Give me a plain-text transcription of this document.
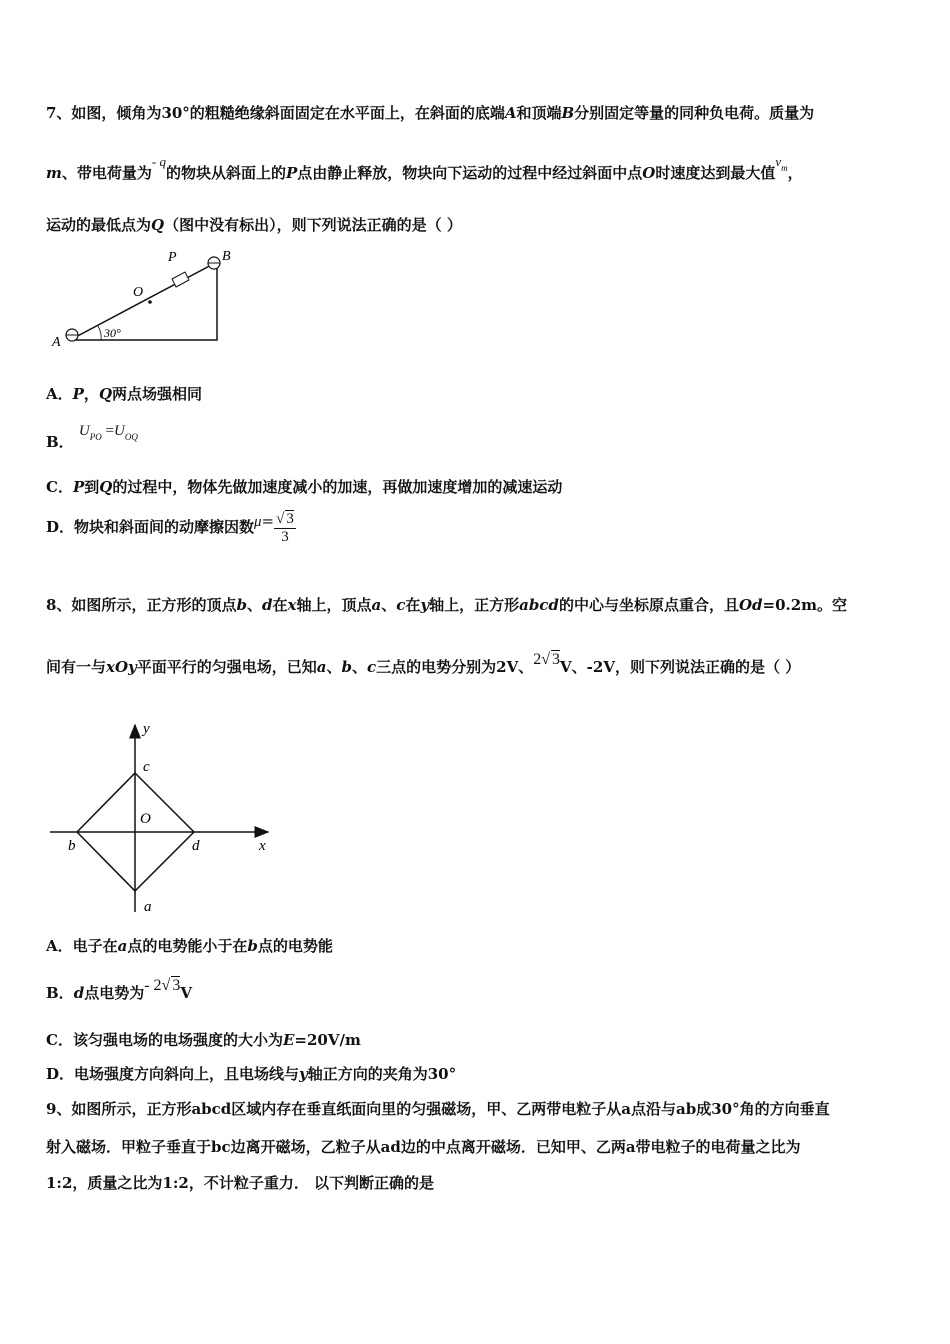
7、如图，倾角为30°的粗糙绝缘斜面固定在水平面上，在斜面的底端A和顶端B分别固定等量的同种负电荷。质量为
m、带电荷量为- q的物块从斜面上的P点由静止释放，物块向下运动的过程中经过斜面中点O时速度达到最大值$v_m$，
运动的最低点为Q（图中没有标出），则下列说法正确的是（ ）
P	B
O
A
30°
A．P，Q两点场强相同
B． $U_{PO} =U_{OQ}$
C．P到Q的过程中，物体先做加速度减小的加速，再做加速度增加的减速运动
D．物块和斜面间的动摩擦因数$\mu= \frac{√ 3}{3}$
8、如图所示，正方形的顶点b、d在x轴上，顶点a、c在y轴上，正方形abcd的中心与坐标原点重合，且Od=0.2m。空
间有一与xOy平面平行的匀强电场，已知a、b、c三点的电势分别为2V、2√ 3V、-2V，则下列说法正确的是（ ）
y
c
O
b	d	x
a
A．电子在a点的电势能小于在b点的电势能
B．d点电势为- 2√ 3V
C．该匀强电场的电场强度的大小为E=20V/m
D．电场强度方向斜向上，且电场线与y轴正方向的夹角为30°
9、如图所示，正方形abcd区域内存在垂直纸面向里的匀强磁场，甲、乙两带电粒子从a点沿与ab成30°角的方向垂直
射入磁场．甲粒子垂直于bc边离开磁场，乙粒子从ad边的中点离开磁场．已知甲、乙两a带电粒子的电荷量之比为
1:2，质量之比为1:2，不计粒子重力． 以下判断正确的是
